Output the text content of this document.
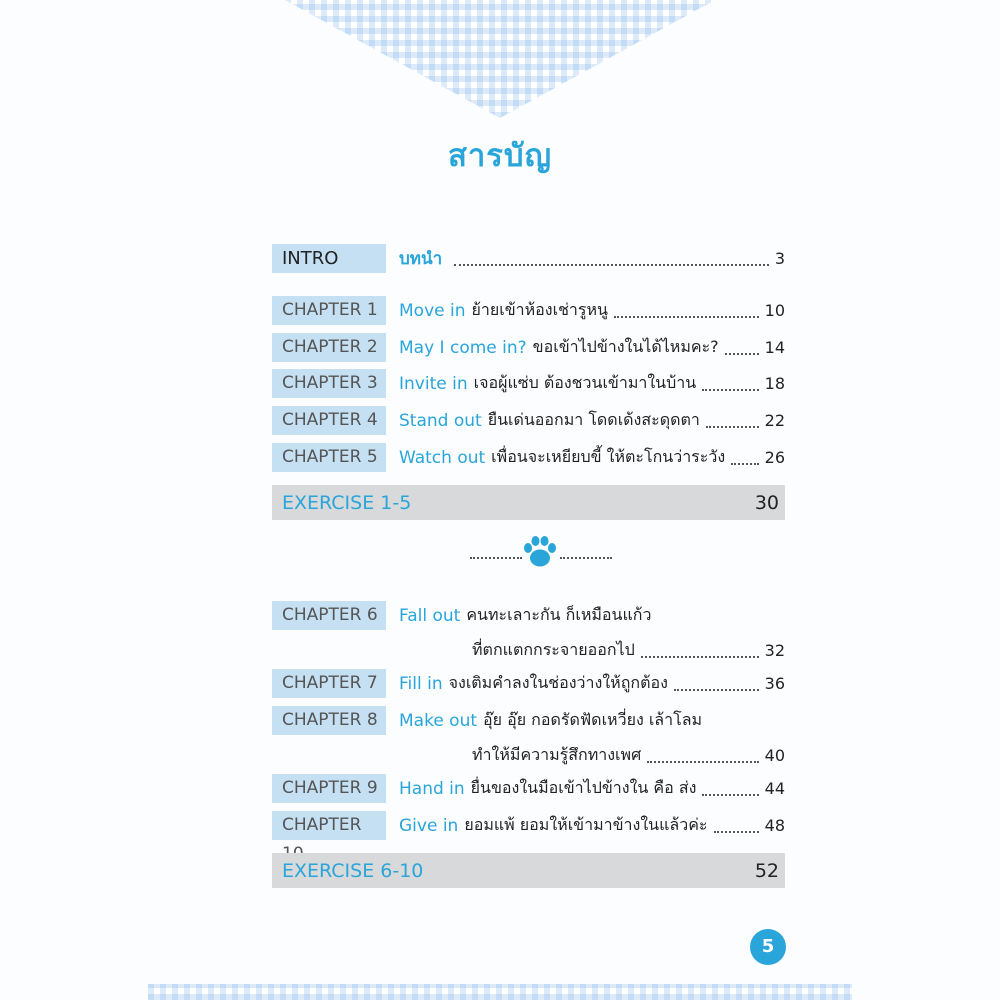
สารบัญ
INTRO	บทนำ	3
CHAPTER 1	Move in ย้ายเข้าห้องเช่ารูหนู	10
CHAPTER 2	May I come in? ขอเข้าไปข้างในได้ไหมคะ?	14
CHAPTER 3	Invite in เจอผู้แซ่บ ต้องชวนเข้ามาในบ้าน	18
CHAPTER 4	Stand out ยืนเด่นออกมา โดดเด้งสะดุดตา	22
CHAPTER 5	Watch out เพื่อนจะเหยียบขี้ ให้ตะโกนว่าระวัง 26
EXERCISE 1-5	30
CHAPTER 6	Fall out คนทะเลาะกัน ก็เหมือนแก้ว
ที่ตกแตกกระจายออกไป	32
CHAPTER 7	Fill in จงเติมคำลงในช่องว่างให้ถูกต้อง	36
CHAPTER 8	Make out อุ๊ย อุ๊ย กอดรัดฟัดเหวี่ยง เล้าโลม
ทำให้มีความรู้สึกทางเพศ	40
CHAPTER 9	Hand in ยื่นของในมือเข้าไปข้างใน คือ ส่ง	44
CHAPTER	Give in ยอมแพ้ ยอมให้เข้ามาข้างในแล้วค่ะ	48
EXERCISE 6-10	52
5
